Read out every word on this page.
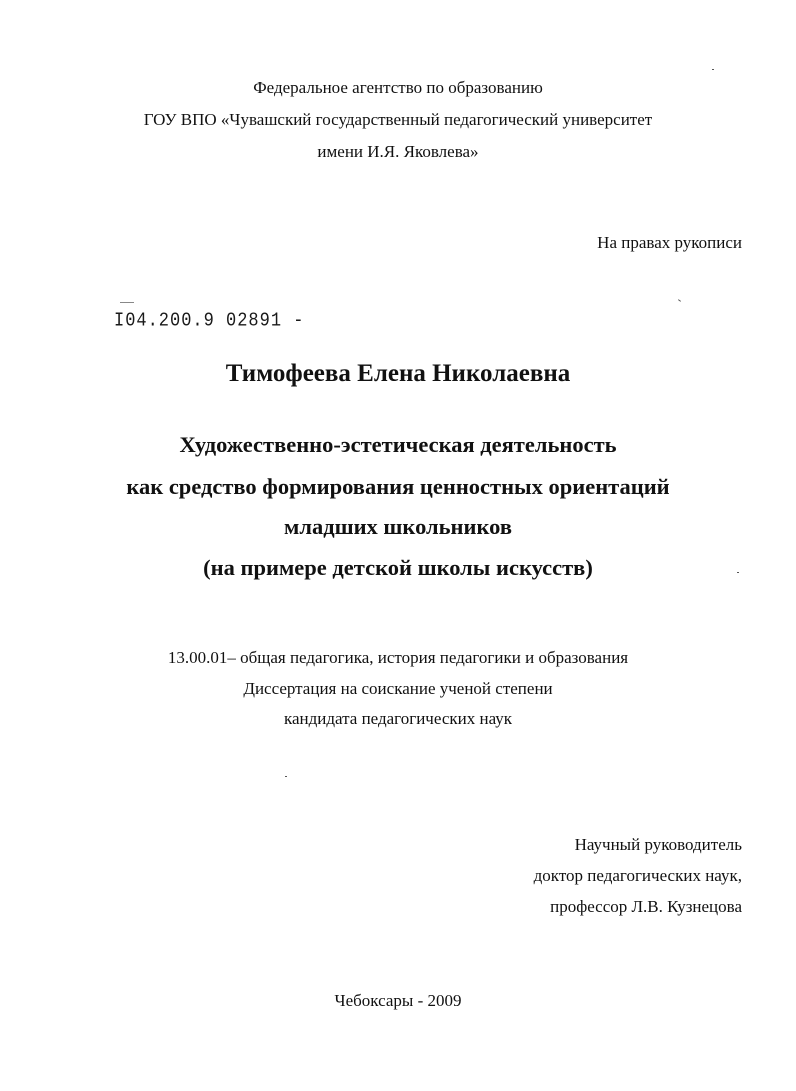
Федеральное агентство по образованию
ГОУ ВПО «Чувашский государственный педагогический университет
имени И.Я. Яковлева»
На правах рукописи
I04.200.9 02891 -
Тимофеева Елена Николаевна
Художественно-эстетическая деятельность
как средство формирования ценностных ориентаций
младших школьников
(на примере детской школы искусств)
13.00.01– общая педагогика, история педагогики и образования
Диссертация на соискание ученой степени
кандидата педагогических наук
Научный руководитель
доктор педагогических наук,
профессор Л.В. Кузнецова
Чебоксары - 2009
